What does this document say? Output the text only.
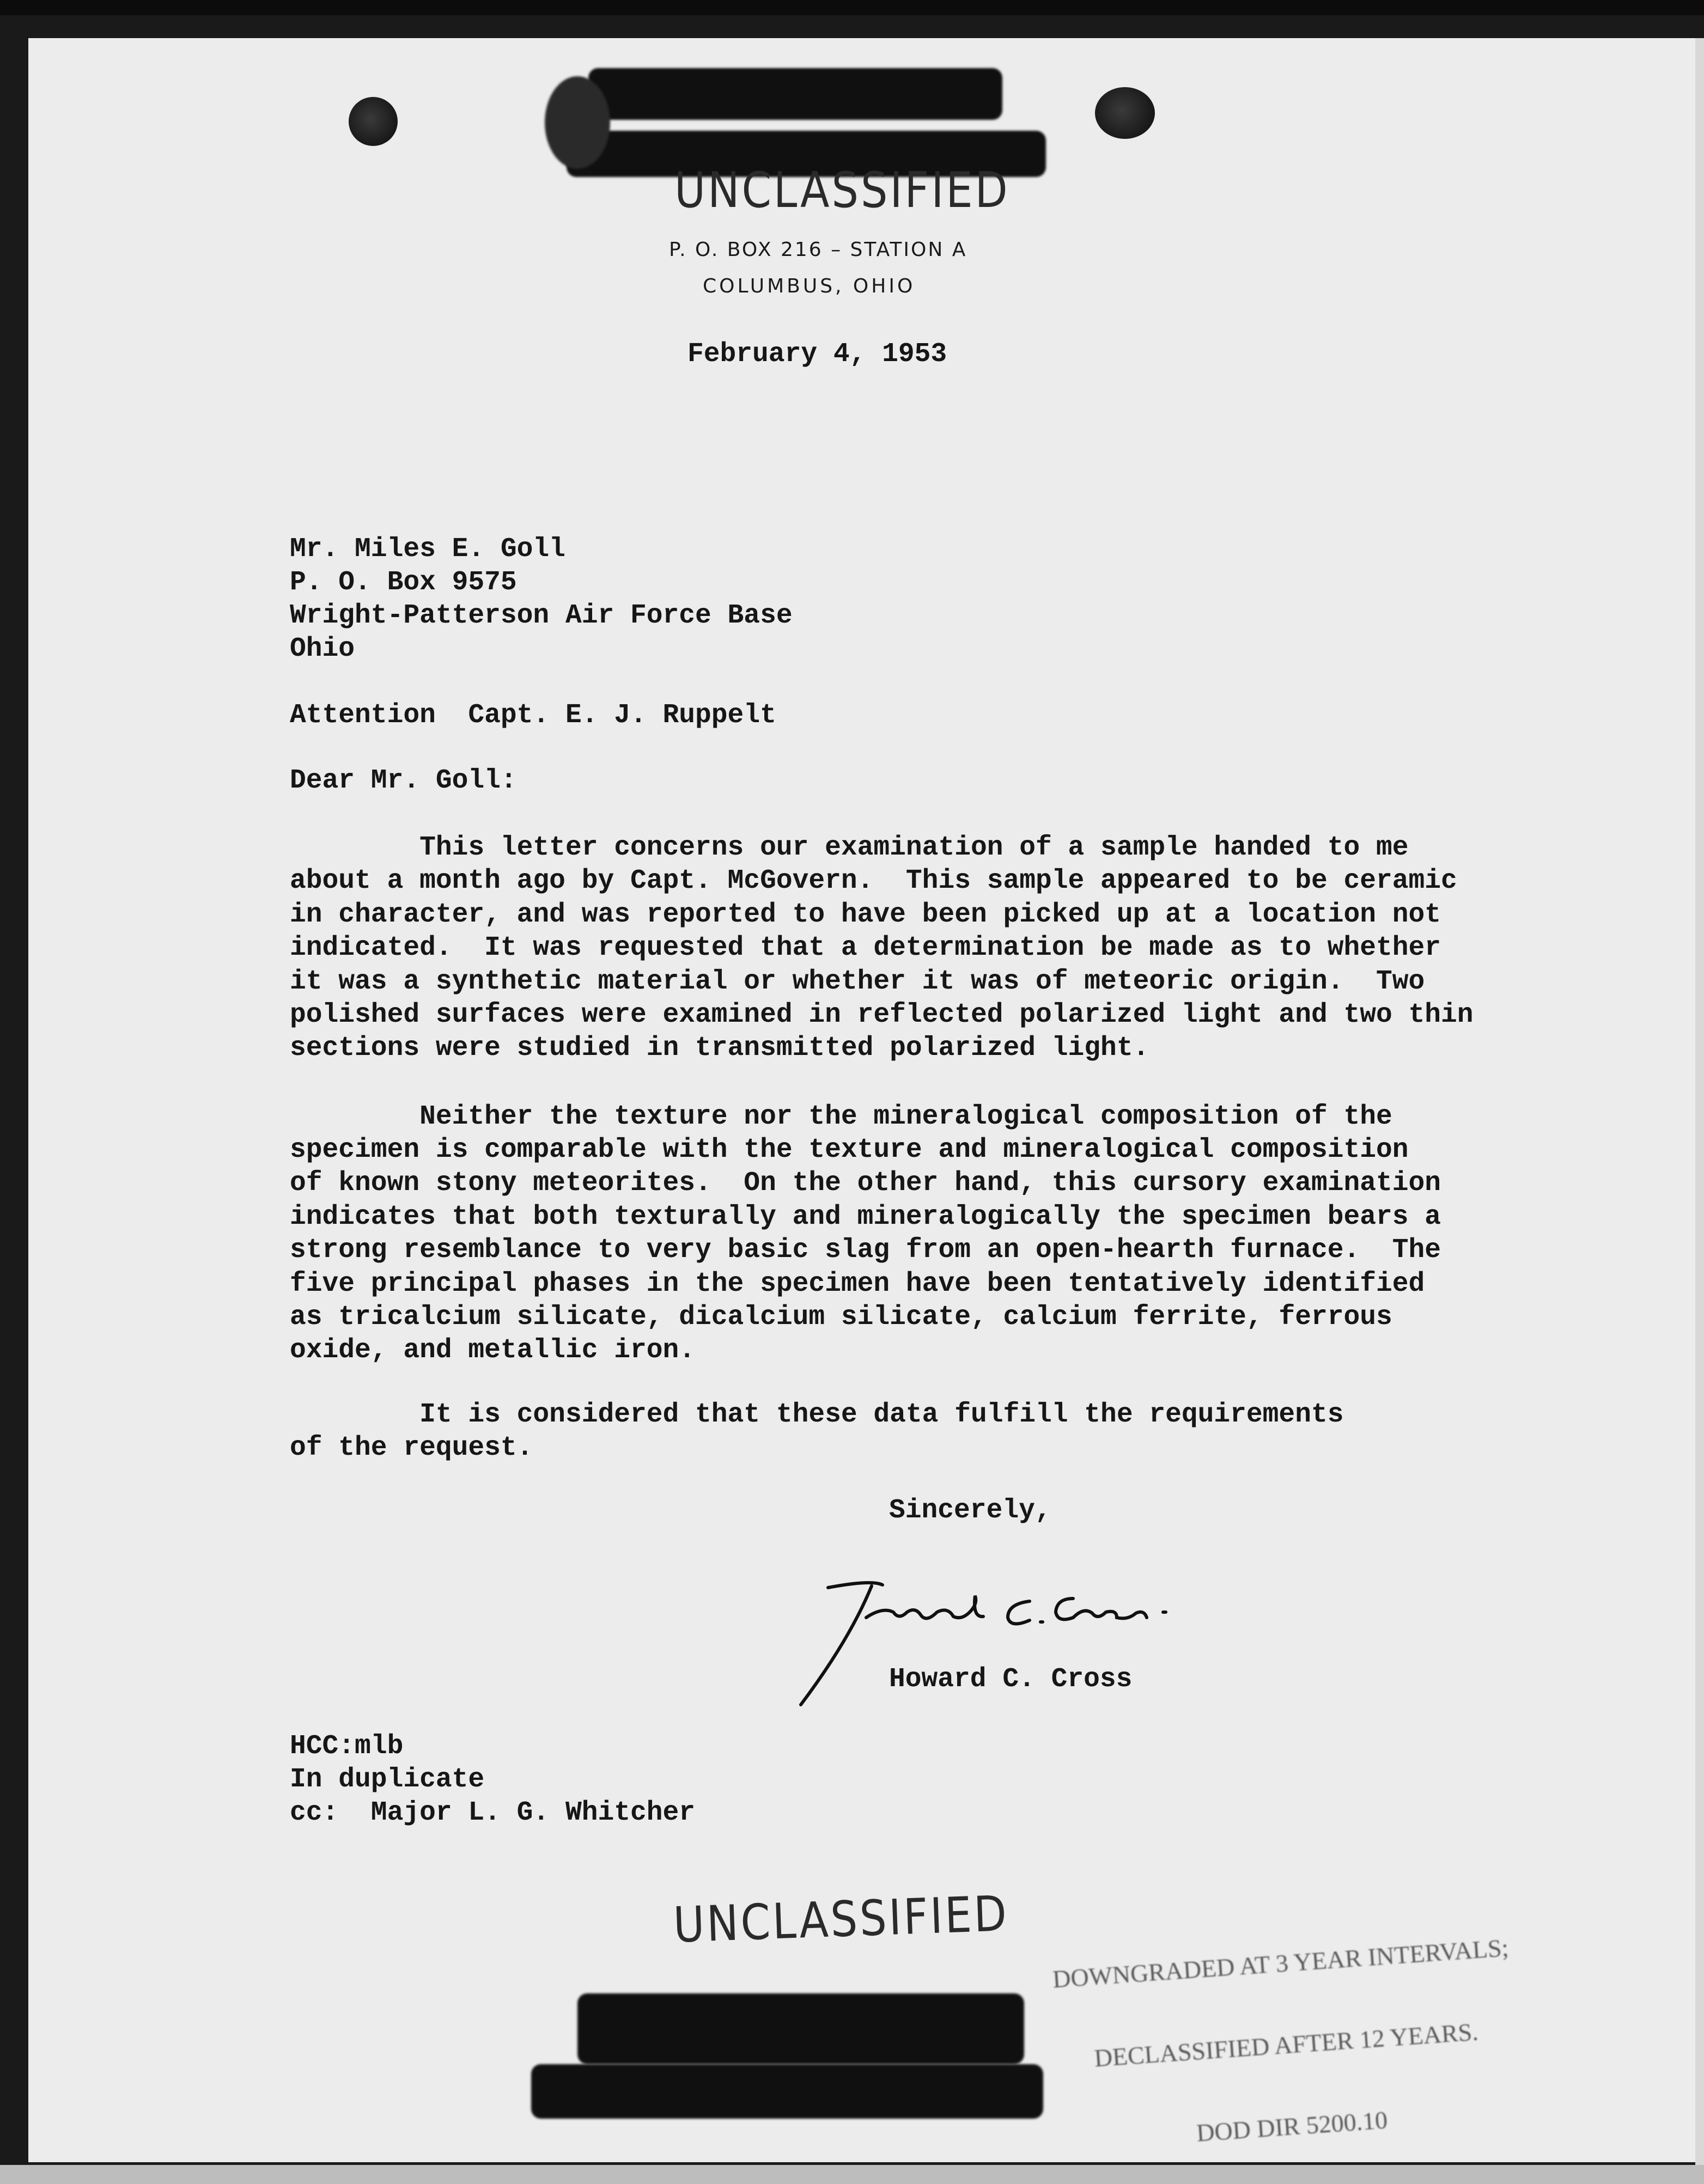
UNCLASSIFIED
P. O. BOX 216 – STATION A
COLUMBUS, OHIO
February 4, 1953
Mr. Miles E. Goll
P. O. Box 9575
Wright-Patterson Air Force Base
Ohio
Attention  Capt. E. J. Ruppelt
Dear Mr. Goll:
This letter concerns our examination of a sample handed to me
about a month ago by Capt. McGovern.  This sample appeared to be ceramic
in character, and was reported to have been picked up at a location not
indicated.  It was requested that a determination be made as to whether
it was a synthetic material or whether it was of meteoric origin.  Two
polished surfaces were examined in reflected polarized light and two thin
sections were studied in transmitted polarized light.
Neither the texture nor the mineralogical composition of the
specimen is comparable with the texture and mineralogical composition
of known stony meteorites.  On the other hand, this cursory examination
indicates that both texturally and mineralogically the specimen bears a
strong resemblance to very basic slag from an open-hearth furnace.  The
five principal phases in the specimen have been tentatively identified
as tricalcium silicate, dicalcium silicate, calcium ferrite, ferrous
oxide, and metallic iron.
It is considered that these data fulfill the requirements
of the request.
Sincerely,
Howard C. Cross
HCC:mlb
In duplicate
cc:  Major L. G. Whitcher
UNCLASSIFIED

DOWNGRADED AT 3 YEAR INTERVALS;

DECLASSIFIED AFTER 12 YEARS.

DOD DIR 5200.10
